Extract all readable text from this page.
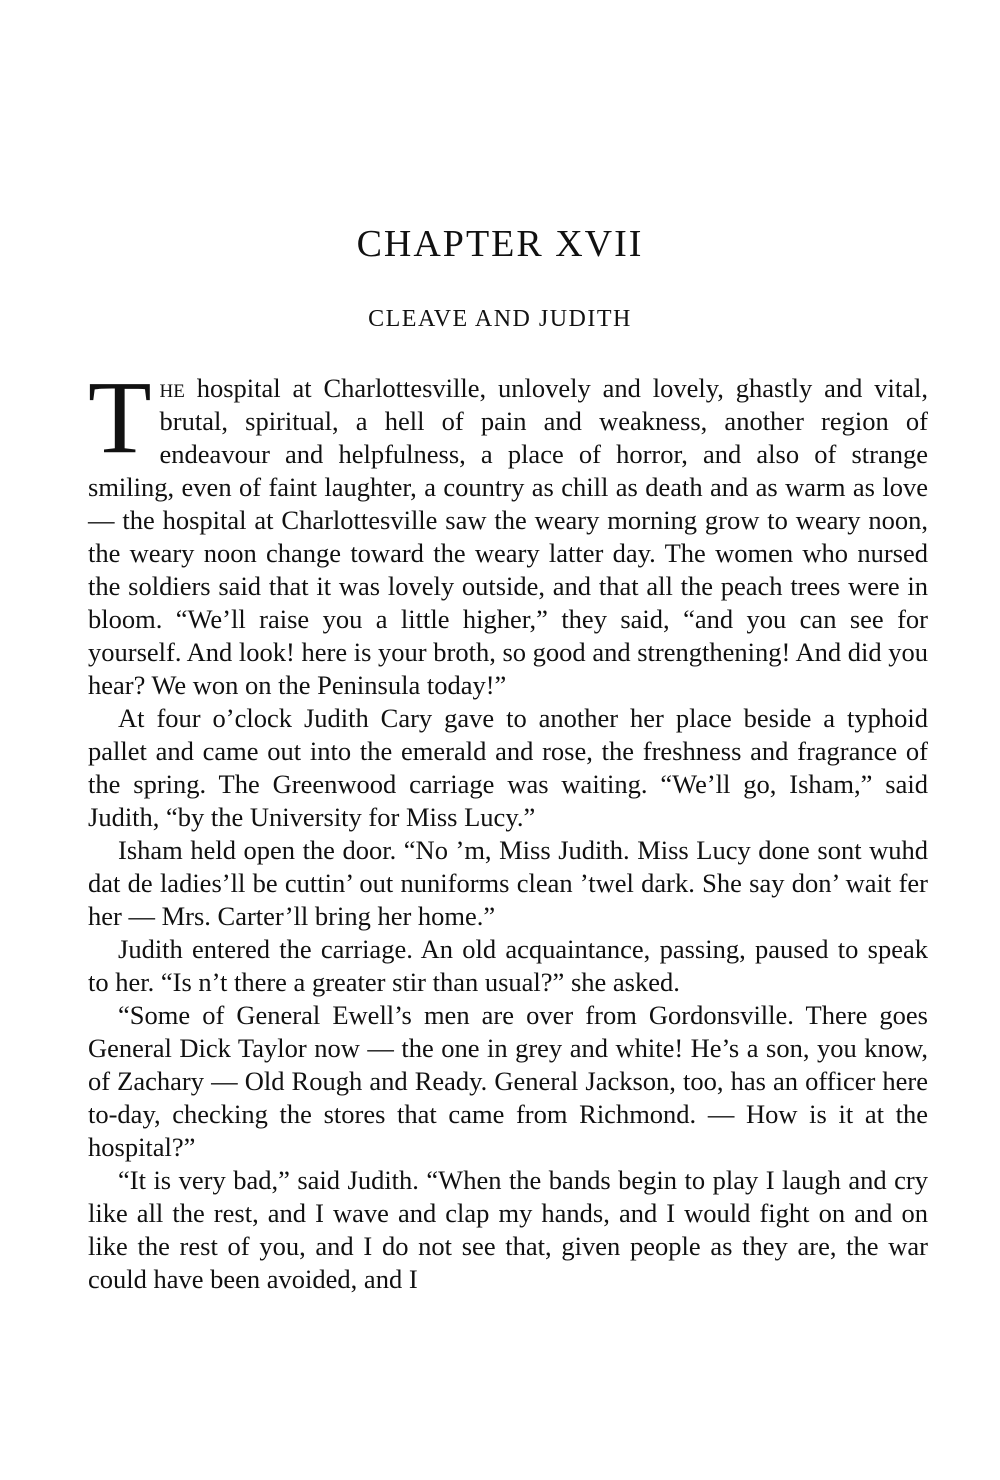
CHAPTER XVII
CLEAVE AND JUDITH

The hospital at Charlottesville, unlovely and lovely, ghastly and vital, brutal, spiritual, a hell of pain and weakness, another region of endeavour and helpfulness, a place of horror, and also of strange smiling, even of faint laughter, a country as chill as death and as warm as love — the hospital at Charlottesville saw the weary morning grow to weary noon, the weary noon change toward the weary latter day. The women who nursed the soldiers said that it was lovely outside, and that all the peach trees were in bloom. “We’ll raise you a little higher,” they said, “and you can see for yourself. And look! here is your broth, so good and strengthening! And did you hear? We won on the Peninsula today!”

At four o’clock Judith Cary gave to another her place beside a typhoid pallet and came out into the emerald and rose, the freshness and fragrance of the spring. The Greenwood carriage was waiting. “We’ll go, Isham,” said Judith, “by the University for Miss Lucy.”

Isham held open the door. “No ’m, Miss Judith. Miss Lucy done sont wuhd dat de ladies’ll be cuttin’ out nuniforms clean ’twel dark. She say don’ wait fer her — Mrs. Carter’ll bring her home.”

Judith entered the carriage. An old acquaintance, passing, paused to speak to her. “Is n’t there a greater stir than usual?” she asked.

“Some of General Ewell’s men are over from Gordonsville. There goes General Dick Taylor now — the one in grey and white! He’s a son, you know, of Zachary — Old Rough and Ready. General Jackson, too, has an officer here to-day, checking the stores that came from Richmond. — How is it at the hospital?”

“It is very bad,” said Judith. “When the bands begin to play I laugh and cry like all the rest, and I wave and clap my hands, and I would fight on and on like the rest of you, and I do not see that, given people as they are, the war could have been avoided, and I
